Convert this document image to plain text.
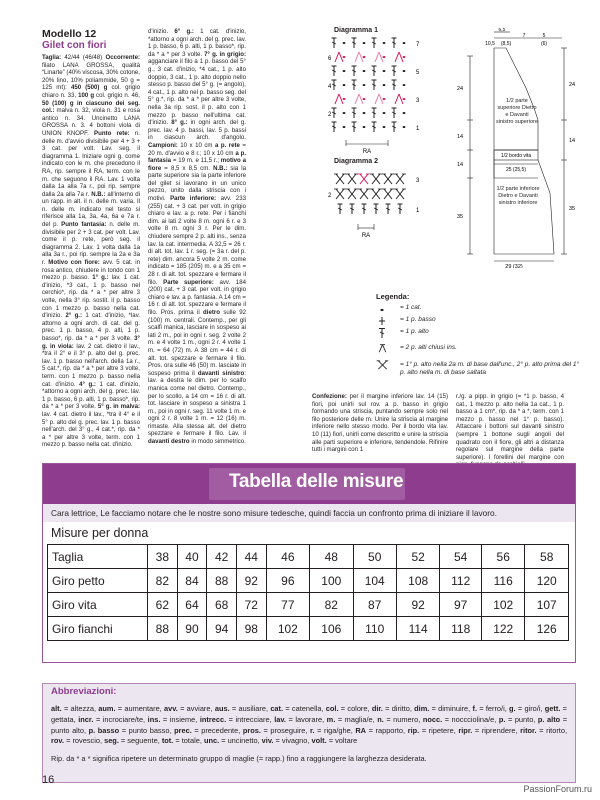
Modello 12
Gilet con fiori
Taglia: 42/44 (46/48) Occorrente: filato LANA GROSSA, qualità “Linarte” (40% viscosa, 30% cotone, 20% lino, 10% poliammide, 50 g = 125 mt): 450 (500) g col. grigio chiaro n. 33, 100 g col. grigio n. 46, 50 (100) g in ciascuno dei seg. col.: malva n. 32, viola n. 31 e rosa antico n. 34. Uncinetto LANA GROSSA n. 3. 4 bottoni viola di UNION KNOPF. Punto rete: n. delle m. d'avvio divisibile per 4 + 3 + 3 cat. per volt. Lav. seg. il diagramma 1. Iniziare ogni g. come indicato con le m. che precedono il RA, rip. sempre il RA, term. con le m. che seguono il RA. Lav. 1 volta dalla 1a alla 7a r., poi rip. sempre dalla 2a alla 7a r. N.B.: all'interno di un rapp. in alt. il n. delle m. varia. Il n. delle m. indicato nel testo si riferisce alla 1a, 3a, 4a, 6a e 7a r. del p. Punto fantasia: n. delle m. divisibile per 2 + 3 cat. per volt. Lav. come il p. rete, però seg. il diagramma 2. Lav. 1 volta dalla 1a alla 3a r., poi rip. sempre la 2a e 3a r. Motivo con fiore: avv. 5 cat. in rosa antico, chiudere in tondo con 1 mezzo p. basso. 1° g.: lav. 1 cat. d'inizio, *3 cat., 1 p. basso nel cerchio*, rip. da * a * per altre 3 volte, nella 3° rip. sostit. il p. basso con 1 mezzo p. basso nella cat. d'inizio. 2° g.: 1 cat. d'inizio, *lav. attorno a ogni arch. di cat. del g. prec. 1 p. basso, 4 p. alti, 1 p. basso*, rip. da * a * per 3 volte. 3° g. in viola: lav. 2 cat. dietro il lav., *tra il 2° e il 3° p. alto del g. prec. lav. 1 p. basso nell'arch. della 1a r., 5 cat.*, rip. da * a * per altre 3 volte, term. con 1 mezzo p. basso nella cat. d'inizio. 4° g.: 1 cat. d'inizio, *attorno a ogni arch. del g. prec. lav. 1 p. basso, 6 p. alti, 1 p. basso*, rip. da * a * per 3 volte. 5° g. in malva: lav. 4 cat. dietro il lav., *tra il 4° e il 5° p. alto del g. prec. lav. 1 p. basso nell'arch. del 3° g., 4 cat.*, rip. da * a * per altre 3 volte, term. con 1 mezzo p. basso nella cat. d'inizio.
d'inizio. 6° g.: 1 cat. d'inizio, *attorno a ogni arch. del g. prec. lav. 1 p. basso, 6 p. alti, 1 p. basso*, rip. da * a * per 3 volte. 7° g. in grigio: agganciare il filo a 1 p. basso del 5° g., 3 cat. d'inizio, *4 cat., 1 p. alto doppio, 3 cat., 1 p. alto doppio nello stesso p. basso del 5° g. (= angolo), 4 cat., 1 p. alto nel p. basso seg. del 5° g.*, rip. da * a * per altre 3 volte, nella 3a rip. sost. il p. alto con 1 mezzo p. basso nell'ultima cat. d'inizio. 8° g.: in ogni arch. del g. prec. lav. 4 p. bassi, lav. 5 p. bassi in ciascun arch. d'angolo. Campioni: 10 x 10 cm a p. rete = 20 m. d'avvio e 8 r.; 10 x 10 cm a p. fantasia = 19 m. e 11,5 r.; motivo a fiore = 8,5 x 8,5 cm. N.B.: sia la parte superiore sia la parte inferiore del gilet si lavorano in un unico pezzo, unito dalla striscia con i motivi. Parte inferiore: avv. 233 (255) cat. + 3 cat. per volt. in grigio chiaro e lav. a p. rete. Per i fianchi dim. ai lati 2 volte 8 m. ogni 6 r. e 3 volte 8 m. ogni 3 r. Per le dim. chiudere sempre 2 p. alti ins., senza lav. la cat. intermedia. A 32,5 = 26 r. di alt. tot. lav. 1 r. seg. (= 3a r. del p. rete) dim. ancora 5 volte 2 m. come indicato = 185 (205) m. e a 35 cm = 28 r. di alt. tot. spezzare e fermare il filo. Parte superiore: avv. 184 (200) cat. + 3 cat. per volt. in grigio chiaro e lav. a p. fantasia. A 14 cm = 16 r. di alt. tot. spezzare e fermare il filo. Pros. prima il dietro sulle 92 (100) m. centrali. Contemp., per gli scalfi manica, lasciare in sospeso ai lati 2 m., poi in ogni r. seg. 2 volte 2 m. e 4 volte 1 m., ogni 2 r. 4 volte 1 m. = 64 (72) m. A 38 cm = 44 r. di alt. tot. spezzare e fermare il filo. Pros. ora sulle 46 (50) m. lasciate in sospeso prima il davanti sinistro: lav. a destra le dim. per lo scalfo manica come nel dietro. Contemp., per lo scollo, a 14 cm = 16 r. di alt. tot. lasciare in sospeso a sinistra 1 m., poi in ogni r. seg. 11 volte 1 m. e ogni 2 r. 8 volte 1 m. = 12 (16) m. rimaste. Alla stessa alt. del dietro spezzare e fermare il filo. Lav. il davanti destro in modo simmetrico.
Diagramma 1
7
6
5
4
3
2
1
RA
Diagramma 2
3
2
1
RA
Legenda:
= 1 cat.
= 1 p. basso
= 1 p. alto
= 2 p. alti chiusi ins.
= 1° p. alto nella 2a m. di base dall'unc., 2° p. alto prima del 1° p. alto nella m. di base saltata
6,5
10,5 (8,5)
7	5
(6)
24
14
14
35
24
14
35
29 (32)
25 (25,5)
1/2 bordo vita
1/2 parte superiore Dietro e Davanti sinistro superiore
1/2 parte inferiore Dietro e Davanti sinistro inferiore
Confezione: per il margine inferiore lav. 14 (15) fiori, poi unirli sul rov. a p. basso in grigio formando una striscia, puntando sempre solo nel filo posteriore delle m. Unire la striscia al margine inferiore nello stesso modo. Per il bordo vita lav. 10 (11) fiori, unirli come descritto e unire la striscia alle parti superiore e inferiore, tendendole. Rifinire tutti i margini con 1
r./g. a pipp. in grigio (= *1 p. basso, 4 cat., 1 mezzo p. alto nella 1a cat., 1 p. basso a 1 cm*, rip. da * a *, term. con 1 mezzo p. basso nel 1° p. basso). Attaccare i bottoni sul davanti sinistro (sempre 1 bottone sugli angoli del quadrato con il fiore, gli altri a distanza regolare sul margine della parte superiore). I forellini del margine con
Tabella delle misure
Cara lettrice, Le facciamo notare che le nostre sono misure tedesche, quindi faccia un confronto prima di iniziare il lavoro.
Misure per donna
Taglia	38	40	42	44	46	48	50	52	54	56	58
Giro petto	82	84	88	92	96	100	104	108	112	116	120
Giro vita	62	64	68	72	77	82	87	92	97	102	107
Giro fianchi	88	90	94	98	102	106	110	114	118	122	126
Abbreviazioni:
alt. = altezza, aum. = aumentare, avv. = avviare, aus. = ausiliare, cat. = catenella, col. = colore, dir. = diritto, dim. = diminuire, f. = ferro/i, g. = giro/i, gett. = gettata, incr. = incrociare/te, ins. = insieme, intrecc. = intrecciare, lav. = lavorare, m. = maglia/e, n. = numero, nocc. = noccciolina/e, p. = punto, p. alto = punto alto, p. basso = punto basso, prec. = precedente, pros. = proseguire, r. = riga/ghe, RA = rapporto, rip. = ripetere, ripr. = riprendere, ritor. = ritorto, rov. = rovescio, seg. = seguente, tot. = totale, unc. = uncinetto, viv. = vivagno, volt. = voltare
Rip. da * a * significa ripetere un determinato gruppo di maglie (= rapp.) fino a raggiungere la larghezza desiderata.
16
PassionForum.ru
